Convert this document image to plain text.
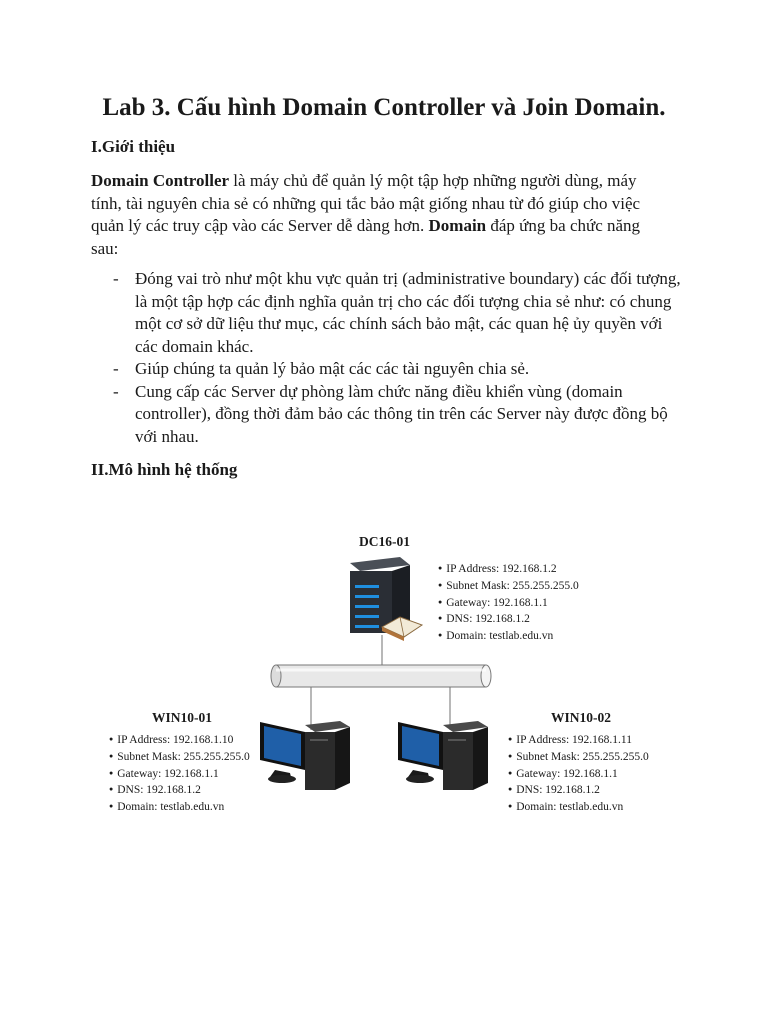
Lab 3. Cấu hình Domain Controller và Join Domain.
I.Giới thiệu

Domain Controller là máy chủ để quản lý một tập hợp những người dùng, máy tính, tài nguyên chia sẻ có những qui tắc bảo mật giống nhau từ đó giúp cho việc quản lý các truy cập vào các Server dễ dàng hơn. Domain đáp ứng ba chức năng sau:

- Đóng vai trò như một khu vực quản trị (administrative boundary) các đối tượng, là một tập hợp các định nghĩa quản trị cho các đối tượng chia sẻ như: có chung một cơ sở dữ liệu thư mục, các chính sách bảo mật, các quan hệ ủy quyền với các domain khác.
- Giúp chúng ta quản lý bảo mật các các tài nguyên chia sẻ.
- Cung cấp các Server dự phòng làm chức năng điều khiển vùng (domain controller), đồng thời đảm bảo các thông tin trên các Server này được đồng bộ với nhau.
II.Mô hình hệ thống
DC16-01
● IP Address: 192.168.1.2
● Subnet Mask: 255.255.255.0
● Gateway: 192.168.1.1
● DNS: 192.168.1.2
● Domain: testlab.edu.vn
WIN10-01
● IP Address: 192.168.1.10
● Subnet Mask: 255.255.255.0
● Gateway: 192.168.1.1
● DNS: 192.168.1.2
● Domain: testlab.edu.vn
WIN10-02
● IP Address: 192.168.1.11
● Subnet Mask: 255.255.255.0
● Gateway: 192.168.1.1
● DNS: 192.168.1.2
● Domain: testlab.edu.vn
